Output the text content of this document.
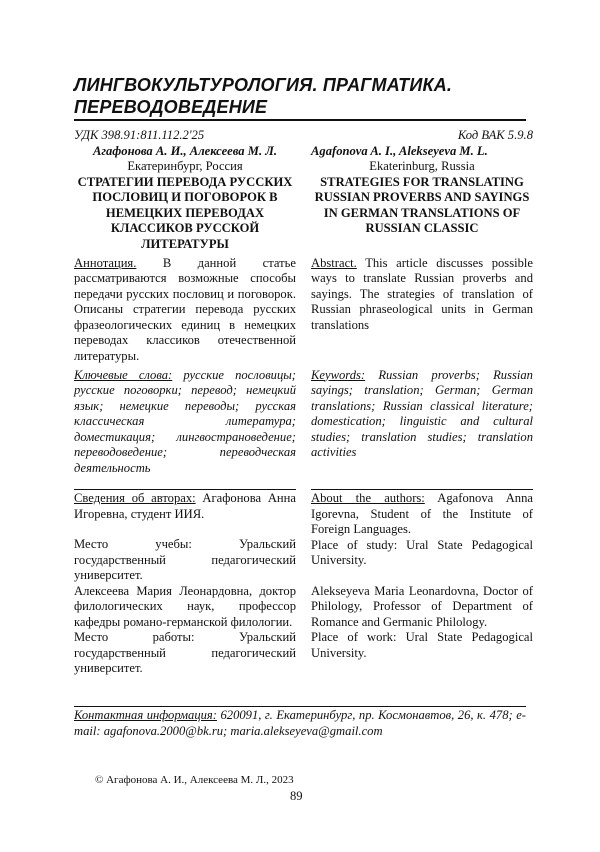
ЛИНГВОКУЛЬТУРОЛОГИЯ. ПРАГМАТИКА. ПЕРЕВОДОВЕДЕНИЕ

УДК 398.91:811.112.2'25

Агафонова А. И., Алексеева М. Л.

Екатеринбург, Россия

СТРАТЕГИИ ПЕРЕВОДА РУССКИХ ПОСЛОВИЦ И ПОГОВОРОК В НЕМЕЦКИХ ПЕРЕВОДАХ КЛАССИКОВ РУССКОЙ ЛИТЕРАТУРЫ

Аннотация. В данной статье рассматриваются возможные способы передачи русских пословиц и поговорок. Описаны стратегии перевода русских фразеологических единиц в немецких переводах классиков отечественной литературы.

Ключевые слова: русские пословицы; русские поговорки; перевод; немецкий язык; немецкие переводы; русская классическая литература; доместикация; лингвострановедение; переводоведение; переводческая деятельность

Код ВАК 5.9.8

Agafonova A. I., Alekseyeva M. L.

Ekaterinburg, Russia

STRATEGIES FOR TRANSLATING RUSSIAN PROVERBS AND SAYINGS IN GERMAN TRANSLATIONS OF RUSSIAN CLASSIC

Abstract. This article discusses possible ways to translate Russian proverbs and sayings. The strategies of translation of Russian phraseological units in German translations

Keywords: Russian proverbs; Russian sayings; translation; German; German translations; Russian classical literature; domestication; linguistic and cultural studies; translation studies; translation activities

Сведения об авторах: Агафонова Анна Игоревна, студент ИИЯ.

Место учебы: Уральский государственный педагогический университет.

Алексеева Мария Леонардовна, доктор филологических наук, профессор кафедры романо-германской филологии.

Место работы: Уральский государственный педагогический университет.

About the authors: Agafonova Anna Igorevna, Student of the Institute of Foreign Languages.

Place of study: Ural State Pedagogical University.

Alekseyeva Maria Leonardovna, Doctor of Philology, Professor of Department of Romance and Germanic Philology.

Place of work: Ural State Pedagogical University.

Контактная информация: 620091, г. Екатеринбург, пр. Космонавтов, 26, к. 478; e-mail: agafonova.2000@bk.ru; maria.alekseyeva@gmail.com

© Агафонова А. И., Алексеева М. Л., 2023

89
